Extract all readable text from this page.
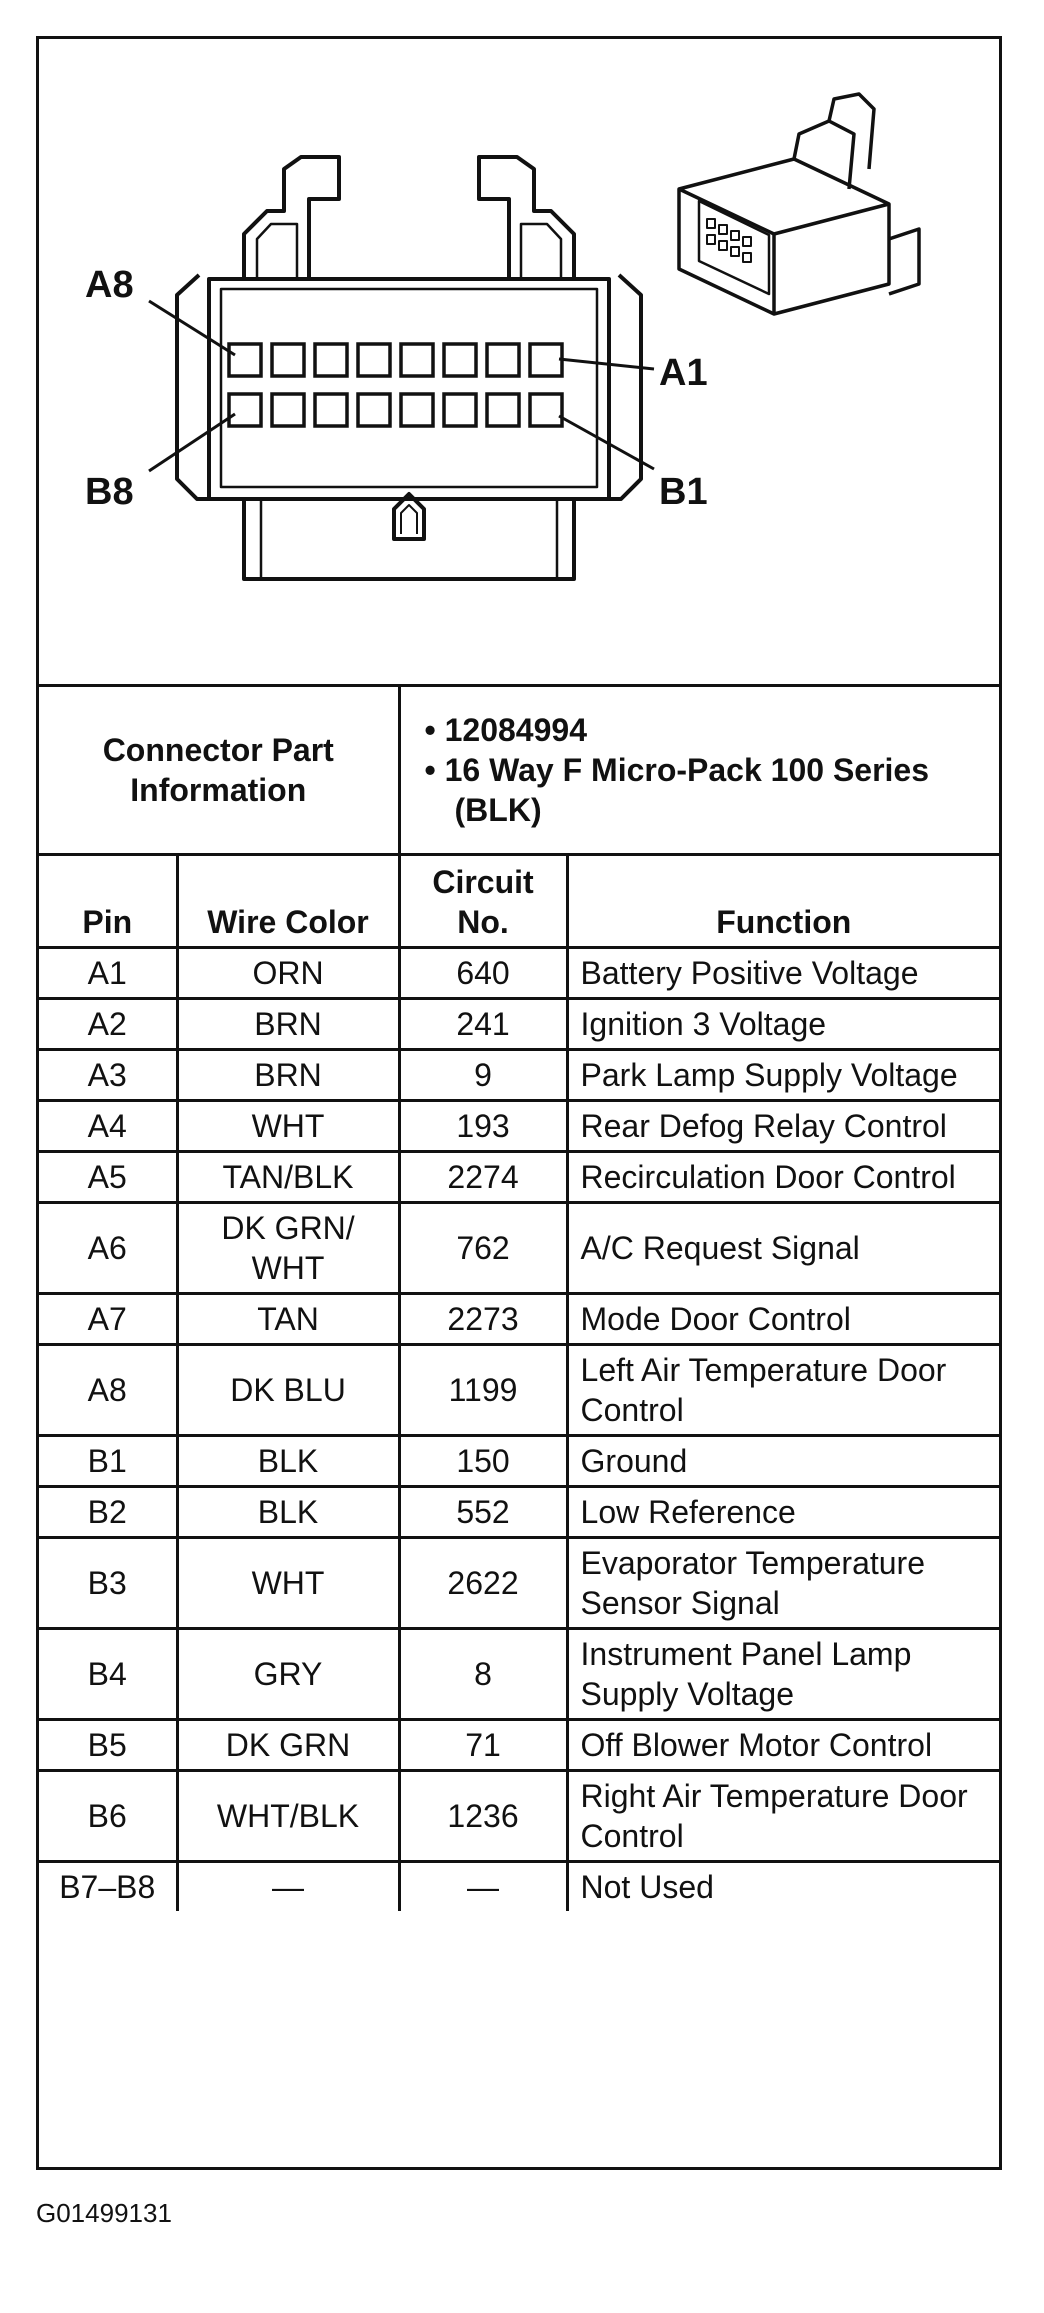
A8
A1
B8	B1
Connector Part Information		• 12084994
• 16 Way F Micro-Pack 100 Series (BLK)	

Pin	Wire Color	Circuit No.	Function
A1	ORN	640	Battery Positive Voltage
A2	BRN	241	Ignition 3 Voltage
A3	BRN	9	Park Lamp Supply Voltage
A4	WHT	193	Rear Defog Relay Control
A5	TAN/BLK	2274	Recirculation Door Control
A6	DK GRN/ WHT	762	A/C Request Signal
A7	TAN	2273	Mode Door Control
A8	DK BLU	1199	Left Air Temperature Door Control
B1	BLK	150	Ground
B2	BLK	552	Low Reference
B3	WHT	2622	Evaporator Temperature Sensor Signal
B4	GRY	8	Instrument Panel Lamp Supply Voltage
B5	DK GRN	71	Off Blower Motor Control
B6	WHT/BLK	1236	Right Air Temperature Door Control
B7–B8	—	—	Not Used
G01499131
